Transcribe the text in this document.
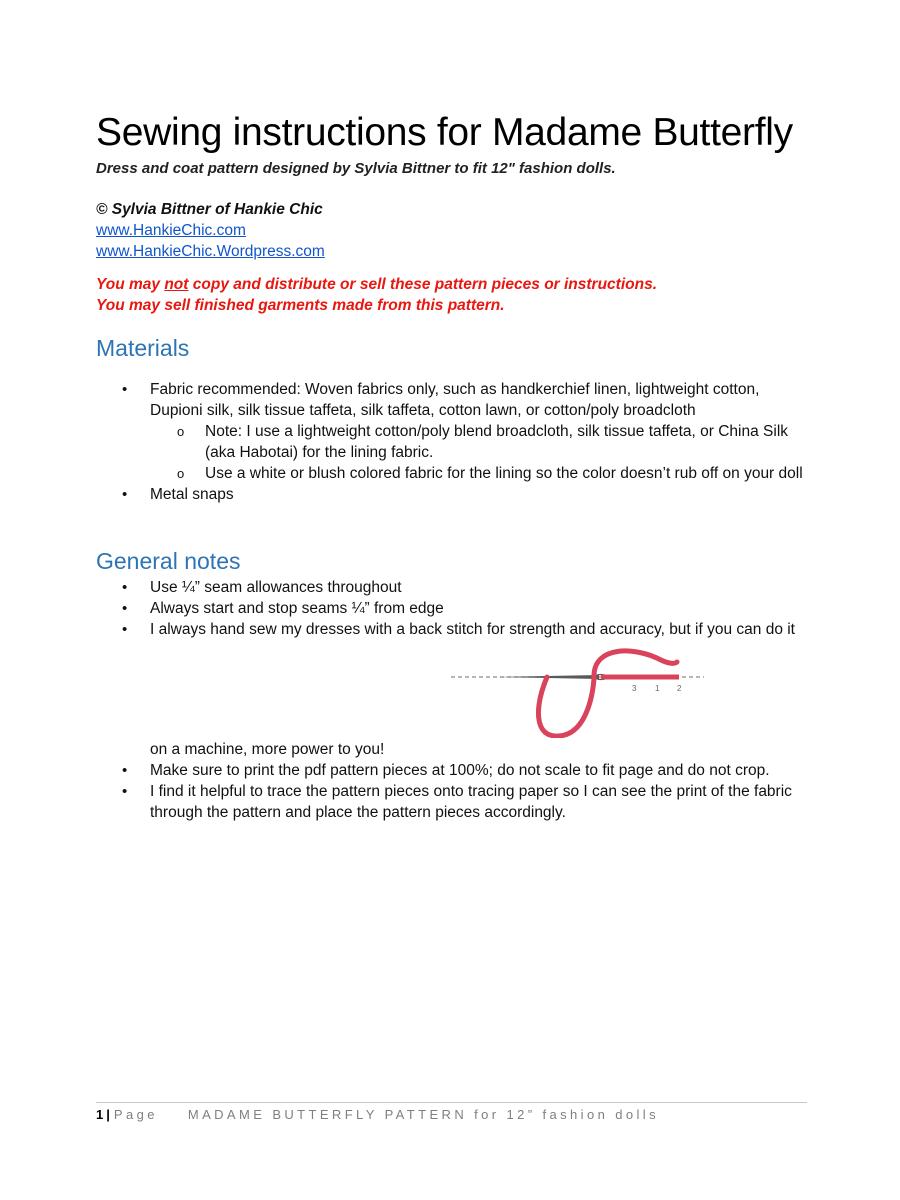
Sewing instructions for Madame Butterfly
Dress and coat pattern designed by Sylvia Bittner to fit 12" fashion dolls.
© Sylvia Bittner of Hankie Chic
www.HankieChic.com
www.HankieChic.Wordpress.com
You may not copy and distribute or sell these pattern pieces or instructions.
You may sell finished garments made from this pattern.
Materials
• Fabric recommended: Woven fabrics only, such as handkerchief linen, lightweight cotton, Dupioni silk, silk tissue taffeta, silk taffeta, cotton lawn, or cotton/poly broadcloth
o Note: I use a lightweight cotton/poly blend broadcloth, silk tissue taffeta, or China Silk (aka Habotai) for the lining fabric.
o Use a white or blush colored fabric for the lining so the color doesn’t rub off on your doll
• Metal snaps
General notes
• Use ¼” seam allowances throughout
• Always start and stop seams ¼” from edge
• I always hand sew my dresses with a back stitch for strength and accuracy, but if you can do it on a machine, more power to you!
3 1 2
• Make sure to print the pdf pattern pieces at 100%; do not scale to fit page and do not crop.
• I find it helpful to trace the pattern pieces onto tracing paper so I can see the print of the fabric through the pattern and place the pattern pieces accordingly.
1 | Page MADAME BUTTERFLY PATTERN for 12” fashion dolls
